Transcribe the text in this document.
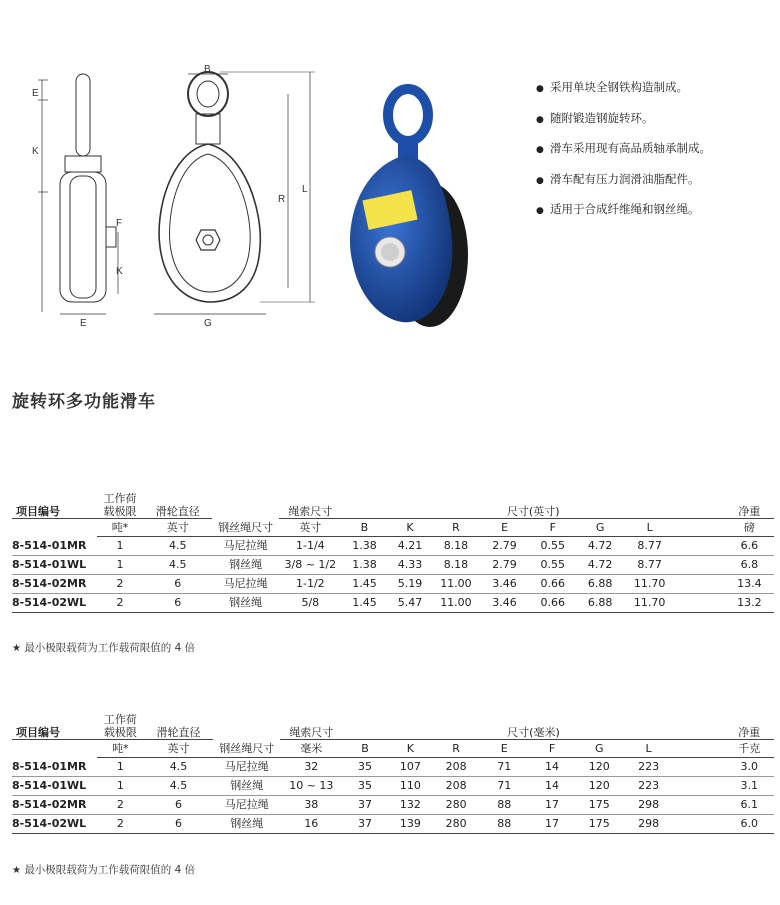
E
K
F
K
E
B
G
R
L
● 采用单块全钢铁构造制成。
● 随附锻造钢旋转环。
● 滑车采用现有高品质轴承制成。
● 滑车配有压力润滑油脂配件。
● 适用于合成纤维绳和钢丝绳。
旋转环多功能滑车
项目编号	工作荷
载极限	滑轮直径		绳索尺寸	尺寸(英寸)								净重
	吨*	英寸	钢丝绳尺寸	英寸	B	K	R	E	F	G	L		磅
8-514-01MR	1	4.5	马尼拉绳	1-1/4	1.38	4.21	8.18	2.79	0.55	4.72	8.77		6.6
8-514-01WL	1	4.5	钢丝绳	3/8 ~ 1/2	1.38	4.33	8.18	2.79	0.55	4.72	8.77		6.8
8-514-02MR	2	6	马尼拉绳	1-1/2	1.45	5.19	11.00	3.46	0.66	6.88	11.70		13.4
8-514-02WL	2	6	钢丝绳	5/8	1.45	5.47	11.00	3.46	0.66	6.88	11.70		13.2
★ 最小极限载荷为工作载荷限值的 4 倍
项目编号	工作荷
载极限	滑轮直径		绳索尺寸	尺寸(毫米)								净重
	吨*	英寸	钢丝绳尺寸	毫米	B	K	R	E	F	G	L		千克
8-514-01MR	1	4.5	马尼拉绳	32	35	107	208	71	14	120	223		3.0
8-514-01WL	1	4.5	钢丝绳	10 ~ 13	35	110	208	71	14	120	223		3.1
8-514-02MR	2	6	马尼拉绳	38	37	132	280	88	17	175	298		6.1
8-514-02WL	2	6	钢丝绳	16	37	139	280	88	17	175	298		6.0
★ 最小极限载荷为工作载荷限值的 4 倍
